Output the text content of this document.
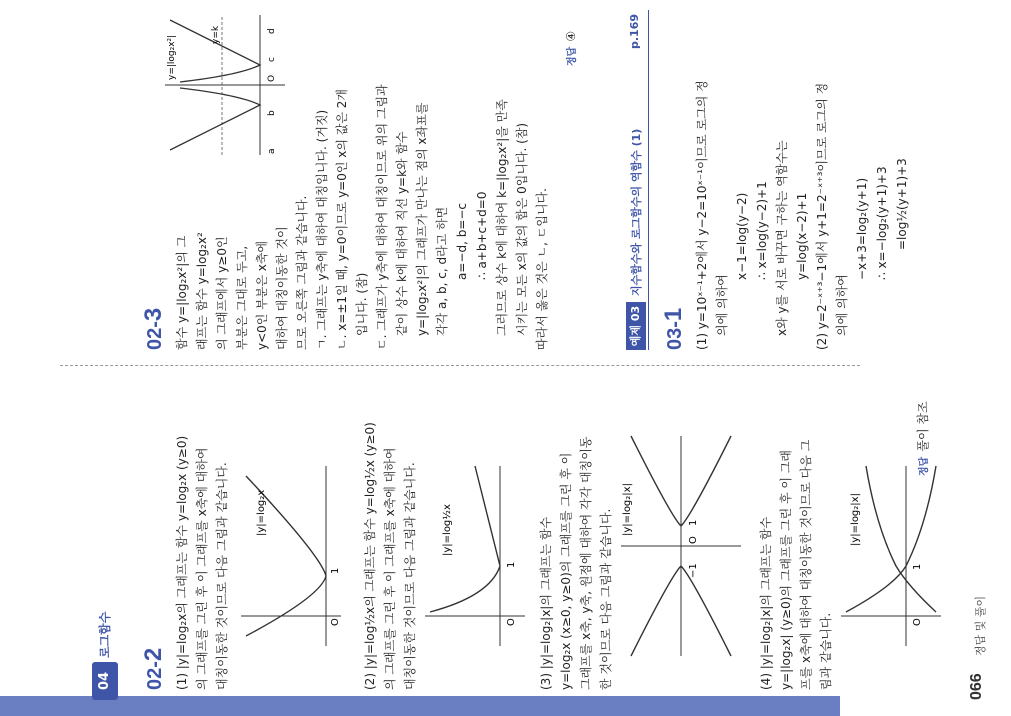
04
로그함수
02-2 (1) |y|=log₂x의 그래프는 함수 y=log₂x (y≥0) 의 그래프를 그린 후 이 그래프를 x축에 대하여 대칭이동한 것이므로 다음 그림과 같습니다.	O
1
|y|=log₂x	(2) |y|=log½x의 그래프는 함수 y=log½x (y≥0) 의 그래프를 그린 후 이 그래프를 x축에 대하여 대칭이동한 것이므로 다음 그림과 같습니다.	O
1
|y|=log½x	(3) |y|=log₂|x|의 그래프는 함수 y=log₂x (x≥0, y≥0)의 그래프를 그린 후 이 그래프를 x축, y축, 원점에 대하여 각각 대칭이동 한 것이므로 다음 그림과 같습니다.	−1
O
1
|y|=log₂|x|
(4) |y|=log₂|x|의 그래프는 함수 y=|log₂x| (y≥0)의 그래프를 그린 후 이 그래 프를 x축에 대하여 대칭이동한 것이므로 다음 그 림과 같습니다.	O
1
|y|=log₂|x|
정답 풀이 참조
02-3 함수 y=|log₂x²|의 그 래프는 함수 y=log₂x² 의 그래프에서 y≥0인 부분은 그대로 두고, y<0인 부분은 x축에 대하여 대칭이동한 것이 므로 오른쪽 그림과 같습니다.
a
b
O
c
d
y=|log₂x²|	y=k
ㄱ. 그래프는 y축에 대하여 대칭입니다. (거짓) ㄴ. x=±1일 때, y=0이므로 y=0인 x의 값은 2개 입니다. (참) ㄷ. 그래프가 y축에 대하여 대칭이므로 위의 그림과 같이 상수 k에 대하여 직선 y=k와 함수 y=|log₂x²|의 그래프가 만나는 점의 x좌표를 각각 a, b, c, d라고 하면 a=−d, b=−c ∴ a+b+c+d=0 그러므로 상수 k에 대하여 k=|log₂x²|을 만족 시키는 모든 x의 값의 합은 0입니다. (참) 따라서 옳은 것은 ㄴ, ㄷ입니다.
정답 ④
예제 03
지수함수와 로그함수의 역함수 (1)
p.169
03-1 (1) y=10ˣ⁻¹+2에서 y−2=10ˣ⁻¹이므로 로그의 정 의에 의하여
x−1=log(y−2) ∴ x=log(y−2)+1 x와 y를 서로 바꾸면 구하는 역함수는 y=log(x−2)+1 (2) y=2⁻ˣ⁺³−1에서 y+1=2⁻ˣ⁺³이므로 로그의 정 의에 의하여
−x+3=log₂(y+1) ∴ x=−log₂(y+1)+3 =log½(y+1)+3
066
정답 및 풀이
